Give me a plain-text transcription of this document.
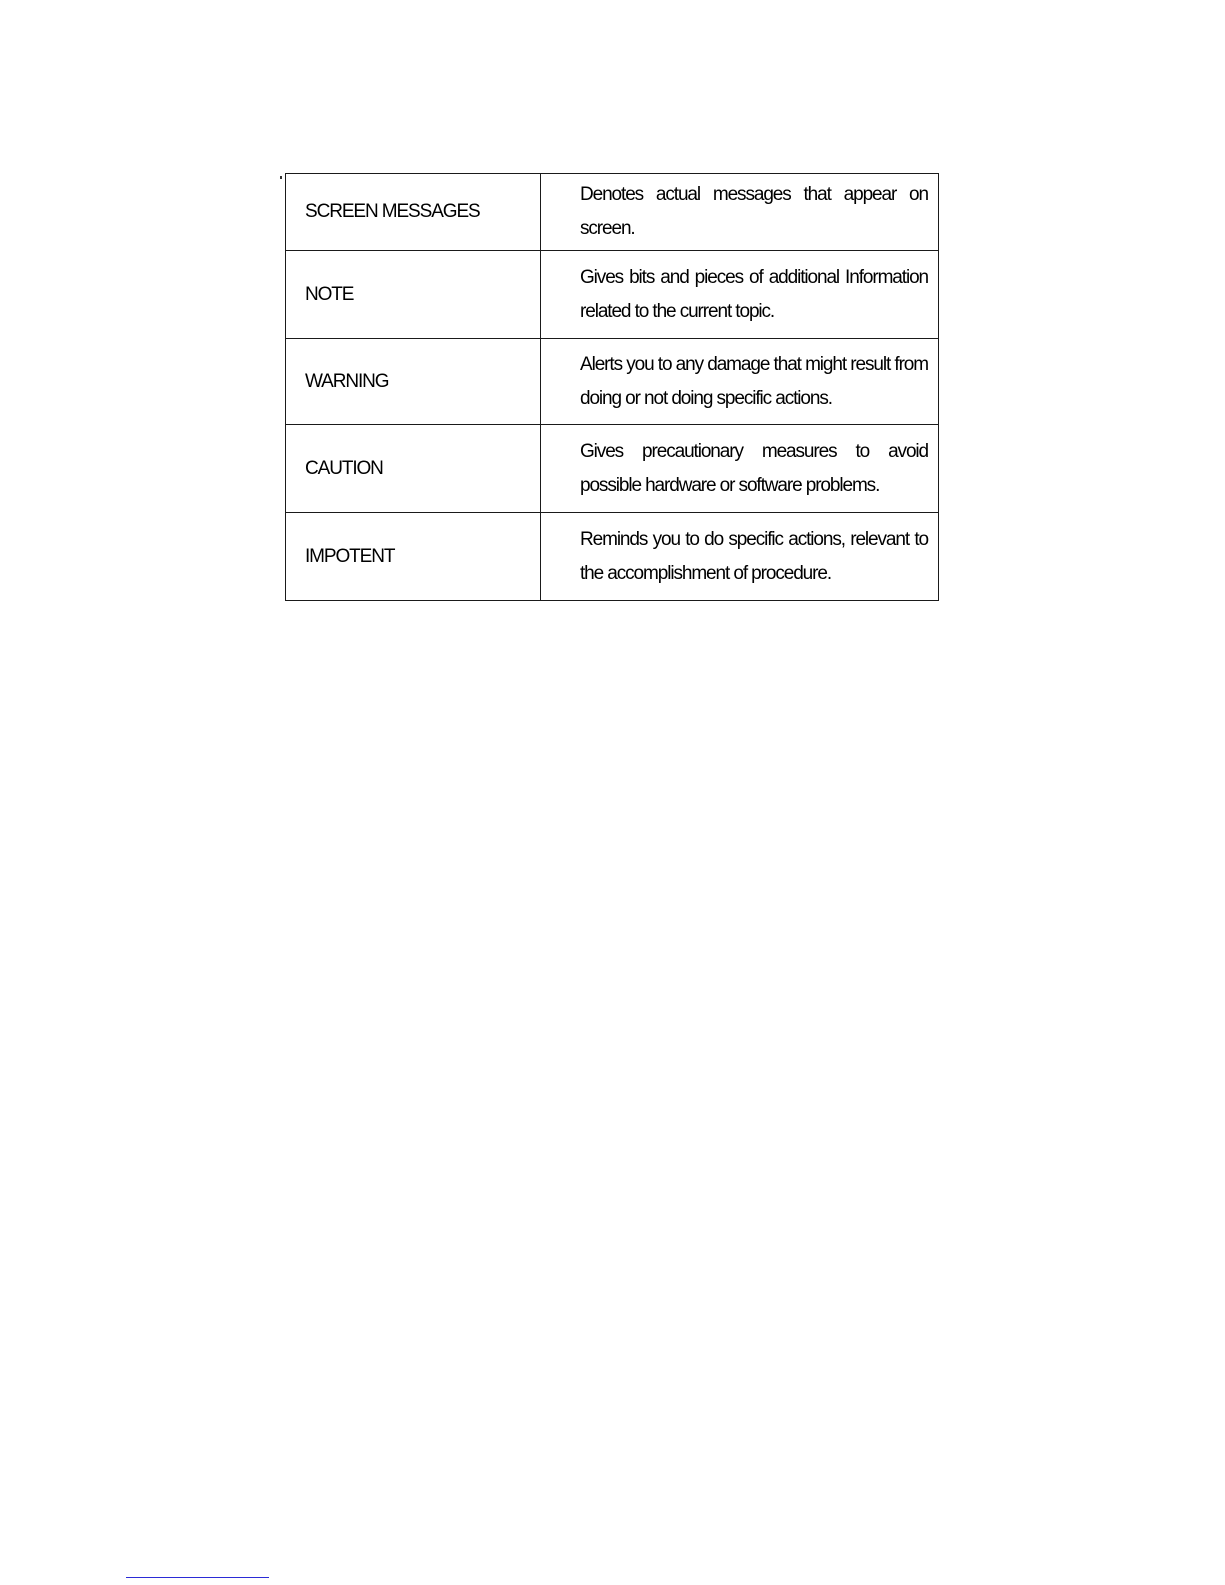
SCREEN MESSAGES	Denotes actual messages that appear on screen.
NOTE	Gives bits and pieces of additional Information related to the current topic.
WARNING	Alerts you to any damage that might result from doing or not doing specific actions.
CAUTION	Gives precautionary measures to avoid possible hardware or software problems.
IMPOTENT	Reminds you to do specific actions, relevant to the accomplishment of procedure.
